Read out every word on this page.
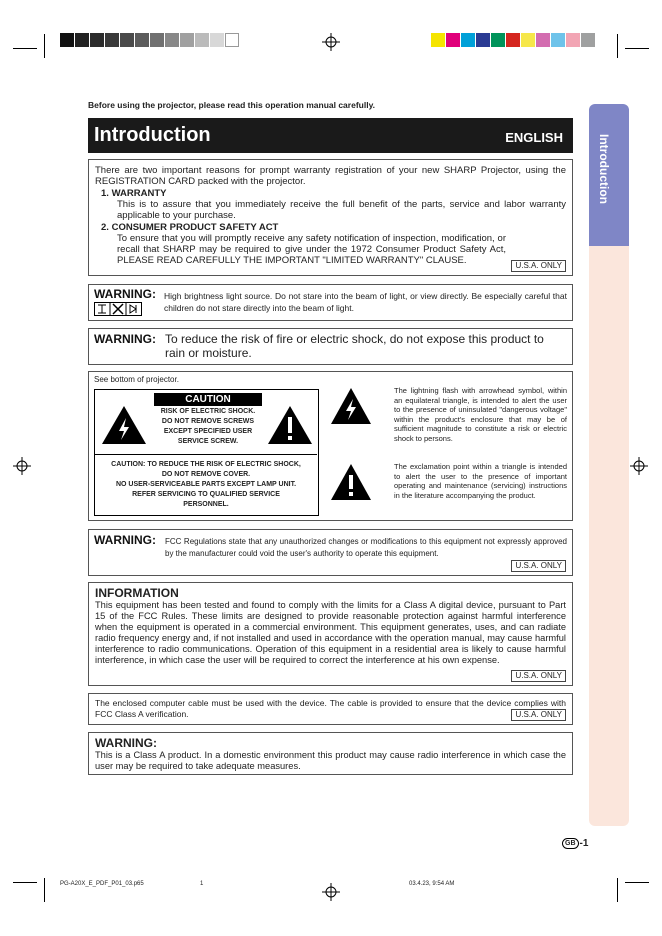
Introduction
Before using the projector, please read this operation manual carefully.
Introduction	ENGLISH
There are two important reasons for prompt warranty registration of your new SHARP Projector, using the REGISTRATION CARD packed with the projector.
1. WARRANTY
This is to assure that you immediately receive the full benefit of the parts, service and labor warranty applicable to your purchase.
2. CONSUMER PRODUCT SAFETY ACT
To ensure that you will promptly receive any safety notification of inspection, modification, or recall that SHARP may be required to give under the 1972 Consumer Product Safety Act, PLEASE READ CAREFULLY THE IMPORTANT "LIMITED WARRANTY" CLAUSE.	U.S.A. ONLY
WARNING: High brightness light source. Do not stare into the beam of light, or view directly. Be especially careful that children do not stare directly into the beam of light.
WARNING: To reduce the risk of fire or electric shock, do not expose this product to rain or moisture.
See bottom of projector.
CAUTION
RISK OF ELECTRIC SHOCK.
DO NOT REMOVE SCREWS
EXCEPT SPECIFIED USER
SERVICE SCREW.
CAUTION: TO REDUCE THE RISK OF ELECTRIC SHOCK,
DO NOT REMOVE COVER.
NO USER-SERVICEABLE PARTS EXCEPT LAMP UNIT.
REFER SERVICING TO QUALIFIED SERVICE
PERSONNEL.
The lightning flash with arrowhead symbol, within an equilateral triangle, is intended to alert the user to the presence of uninsulated "dangerous voltage" within the product's enclosure that may be of sufficient magnitude to constitute a risk or electric shock to persons.
The exclamation point within a triangle is intended to alert the user to the presence of important operating and maintenance (servicing) instructions in the literature accompanying the product.
WARNING: FCC Regulations state that any unauthorized changes or modifications to this equipment not expressly approved by the manufacturer could void the user's authority to operate this equipment.
U.S.A. ONLY
INFORMATION
This equipment has been tested and found to comply with the limits for a Class A digital device, pursuant to Part 15 of the FCC Rules. These limits are designed to provide reasonable protection against harmful interference when the equipment is operated in a commercial environment. This equipment generates, uses, and can radiate radio frequency energy and, if not installed and used in accordance with the operation manual, may cause harmful interference to radio communications. Operation of this equipment in a residential area is likely to cause harmful interference, in which case the user will be required to correct the interference at his own expense.
U.S.A. ONLY
The enclosed computer cable must be used with the device. The cable is provided to ensure that the device complies with FCC Class A verification.	U.S.A. ONLY
WARNING:
This is a Class A product. In a domestic environment this product may cause radio interference in which case the user may be required to take adequate measures.
GB -1
PG-A20X_E_PDF_P01_03.p65	1	03.4.23, 9:54 AM
